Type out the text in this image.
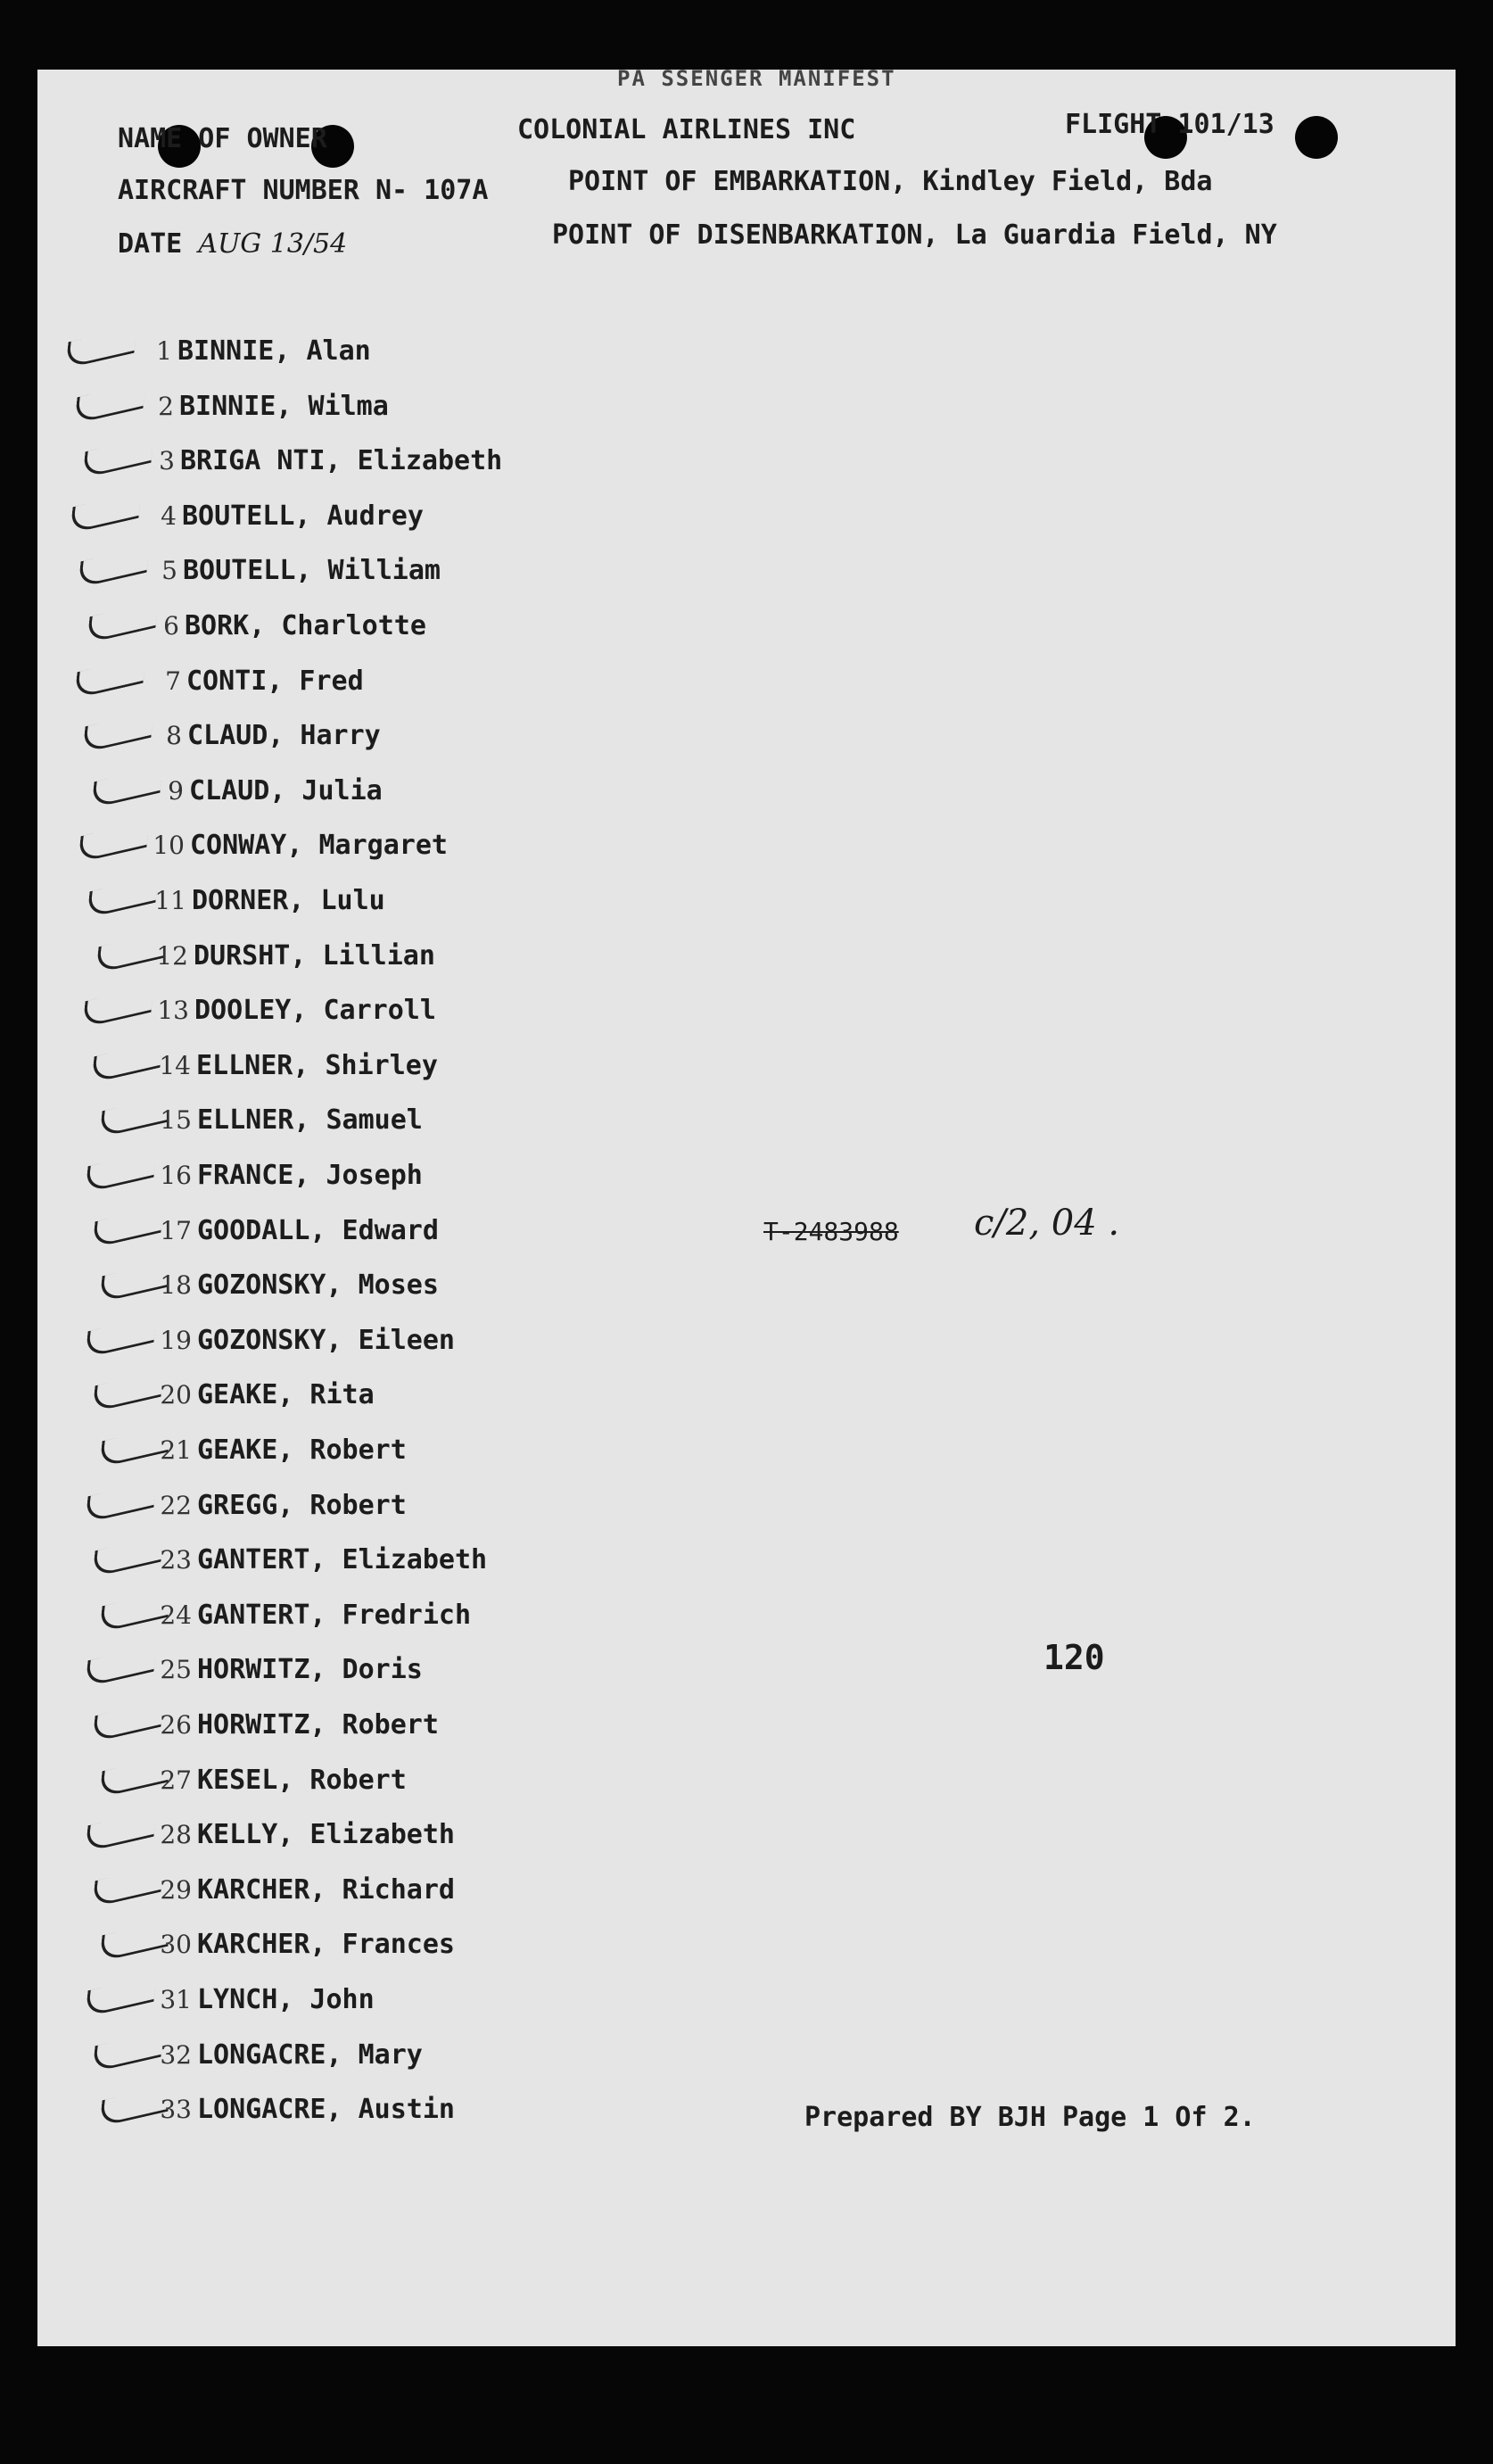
PA SSENGER MANIFEST
NAME OF OWNER	COLONIAL AIRLINES INC	FLIGHT 101/13
AIRCRAFT NUMBER N- 107A	POINT OF EMBARKATION, Kindley Field, Bda
DATE AUG 13/54	POINT OF DISENBARKATION, La Guardia Field, NY
1 BINNIE, Alan
2 BINNIE, Wilma
3 BRIGA NTI, Elizabeth
4 BOUTELL, Audrey
5 BOUTELL, William
6 BORK, Charlotte
7 CONTI, Fred
8 CLAUD, Harry
9 CLAUD, Julia
10 CONWAY, Margaret
11 DORNER, Lulu
12 DURSHT, Lillian
13 DOOLEY, Carroll
14 ELLNER, Shirley
15 ELLNER, Samuel
16 FRANCE, Joseph
17 GOODALL, Edward
18 GOZONSKY, Moses
19 GOZONSKY, Eileen
20 GEAKE, Rita
21 GEAKE, Robert
22 GREGG, Robert
23 GANTERT, Elizabeth
24 GANTERT, Fredrich
25 HORWITZ, Doris
26 HORWITZ, Robert
27 KESEL, Robert
28 KELLY, Elizabeth
29 KARCHER, Richard
30 KARCHER, Frances
31 LYNCH, John
32 LONGACRE, Mary
33 LONGACRE, Austin
T-2483988 c/2, 04 .
120
Prepared BY BJH Page 1 Of 2.
